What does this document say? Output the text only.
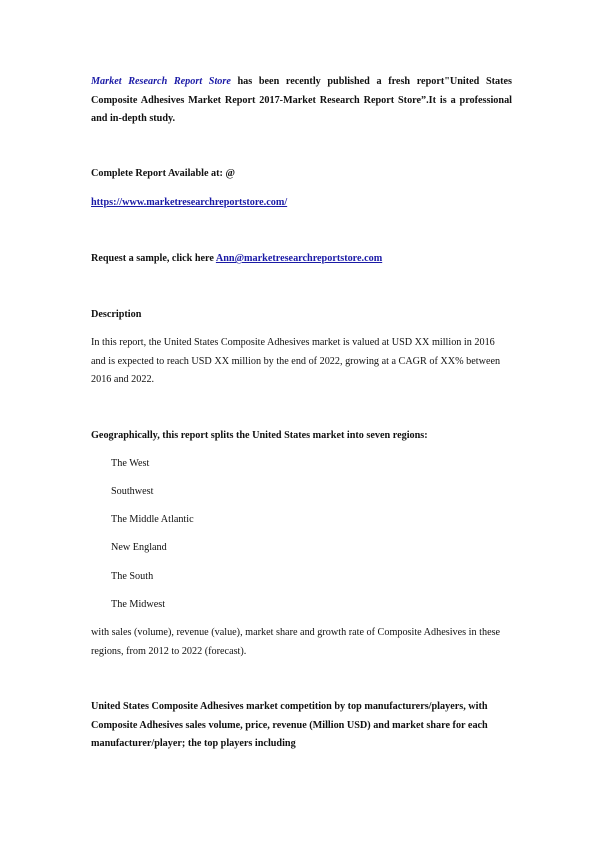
Market Research Report Store has been recently published a fresh report"United States Composite Adhesives Market Report 2017-Market Research Report Store”.It is a professional and in-depth study.
Complete Report Available at: @
https://www.marketresearchreportstore.com/
Request a sample, click here Ann@marketresearchreportstore.com
Description
In this report, the United States Composite Adhesives market is valued at USD XX million in 2016 and is expected to reach USD XX million by the end of 2022, growing at a CAGR of XX% between 2016 and 2022.
Geographically, this report splits the United States market into seven regions:
The West
Southwest
The Middle Atlantic
New England
The South
The Midwest
with sales (volume), revenue (value), market share and growth rate of Composite Adhesives in these regions, from 2012 to 2022 (forecast).
United States Composite Adhesives market competition by top manufacturers/players, with Composite Adhesives sales volume, price, revenue (Million USD) and market share for each manufacturer/player; the top players including
